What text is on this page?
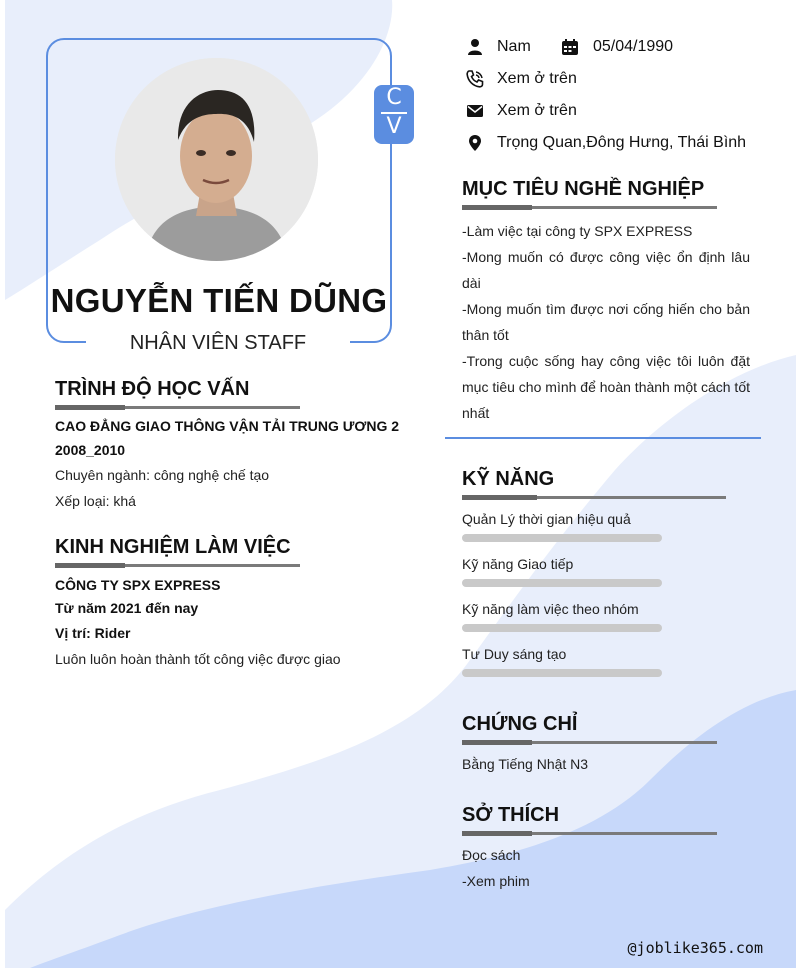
C
V
NGUYỄN TIẾN DŨNG
NHÂN VIÊN STAFF
Nam	05/04/1990
Xem ở trên
Xem ở trên
Trọng Quan,Đông Hưng, Thái Bình
TRÌNH ĐỘ HỌC VẤN
CAO ĐẲNG GIAO THÔNG VẬN TẢI TRUNG ƯƠNG 2
2008_2010
Chuyên ngành: công nghệ chế tạo
Xếp loại: khá
KINH NGHIỆM LÀM VIỆC
CÔNG TY SPX EXPRESS
Từ năm 2021 đến nay
Vị trí: Rider
Luôn luôn hoàn thành tốt công việc được giao
MỤC TIÊU NGHỀ NGHIỆP
-Làm việc tại công ty SPX EXPRESS
-Mong muốn có được công việc ổn định lâu dài
-Mong muốn tìm được nơi cống hiến cho bản thân tốt
-Trong cuộc sống hay công việc tôi luôn đặt mục tiêu cho mình để hoàn thành một cách tốt nhất
KỸ NĂNG
Quản Lý thời gian hiệu quả
Kỹ năng Giao tiếp
Kỹ năng làm việc theo nhóm
Tư Duy sáng tạo
CHỨNG CHỈ
Bằng Tiếng Nhật N3
SỞ THÍCH
Đọc sách
-Xem phim
@joblike365.com
